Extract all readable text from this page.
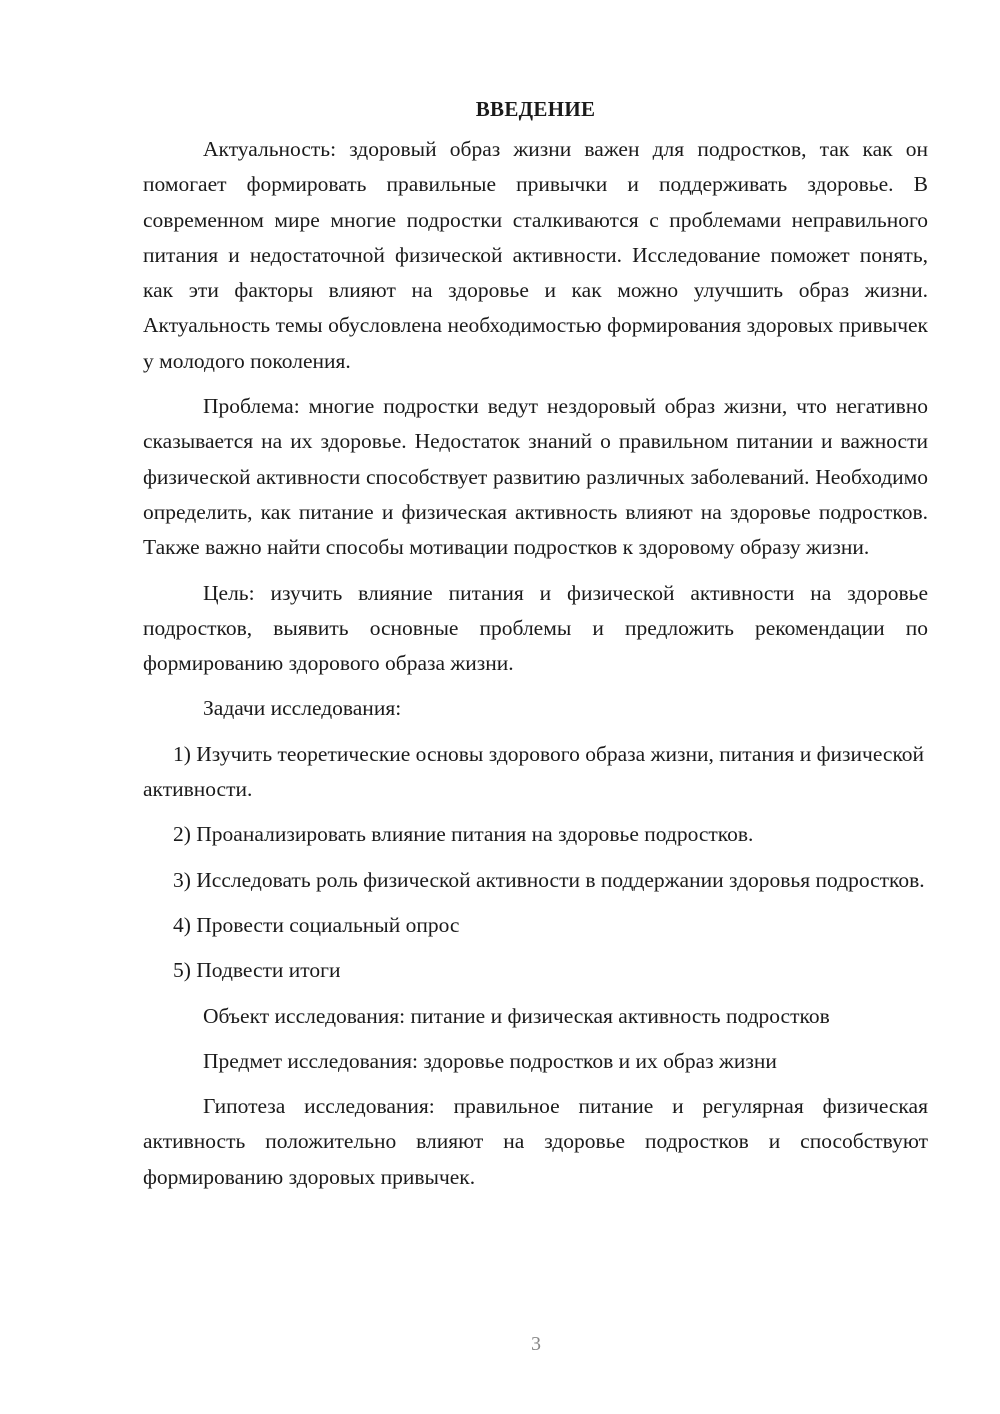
ВВЕДЕНИЕ

Актуальность: здоровый образ жизни важен для подростков, так как он помогает формировать правильные привычки и поддерживать здоровье. В современном мире многие подростки сталкиваются с проблемами неправильного питания и недостаточной физической активности. Исследование поможет понять, как эти факторы влияют на здоровье и как можно улучшить образ жизни. Актуальность темы обусловлена необходимостью формирования здоровых привычек у молодого поколения.

Проблема: многие подростки ведут нездоровый образ жизни, что негативно сказывается на их здоровье. Недостаток знаний о правильном питании и важности физической активности способствует развитию различных заболеваний. Необходимо определить, как питание и физическая активность влияют на здоровье подростков. Также важно найти способы мотивации подростков к здоровому образу жизни.

Цель: изучить влияние питания и физической активности на здоровье подростков, выявить основные проблемы и предложить рекомендации по формированию здорового образа жизни.

Задачи исследования:

1) Изучить теоретические основы здорового образа жизни, питания и физической активности.

2) Проанализировать влияние питания на здоровье подростков.

3) Исследовать роль физической активности в поддержании здоровья подростков.

4) Провести социальный опрос

5) Подвести итоги

Объект исследования: питание и физическая активность подростков

Предмет исследования: здоровье подростков и их образ жизни

Гипотеза исследования: правильное питание и регулярная физическая активность положительно влияют на здоровье подростков и способствуют формированию здоровых привычек.

3
